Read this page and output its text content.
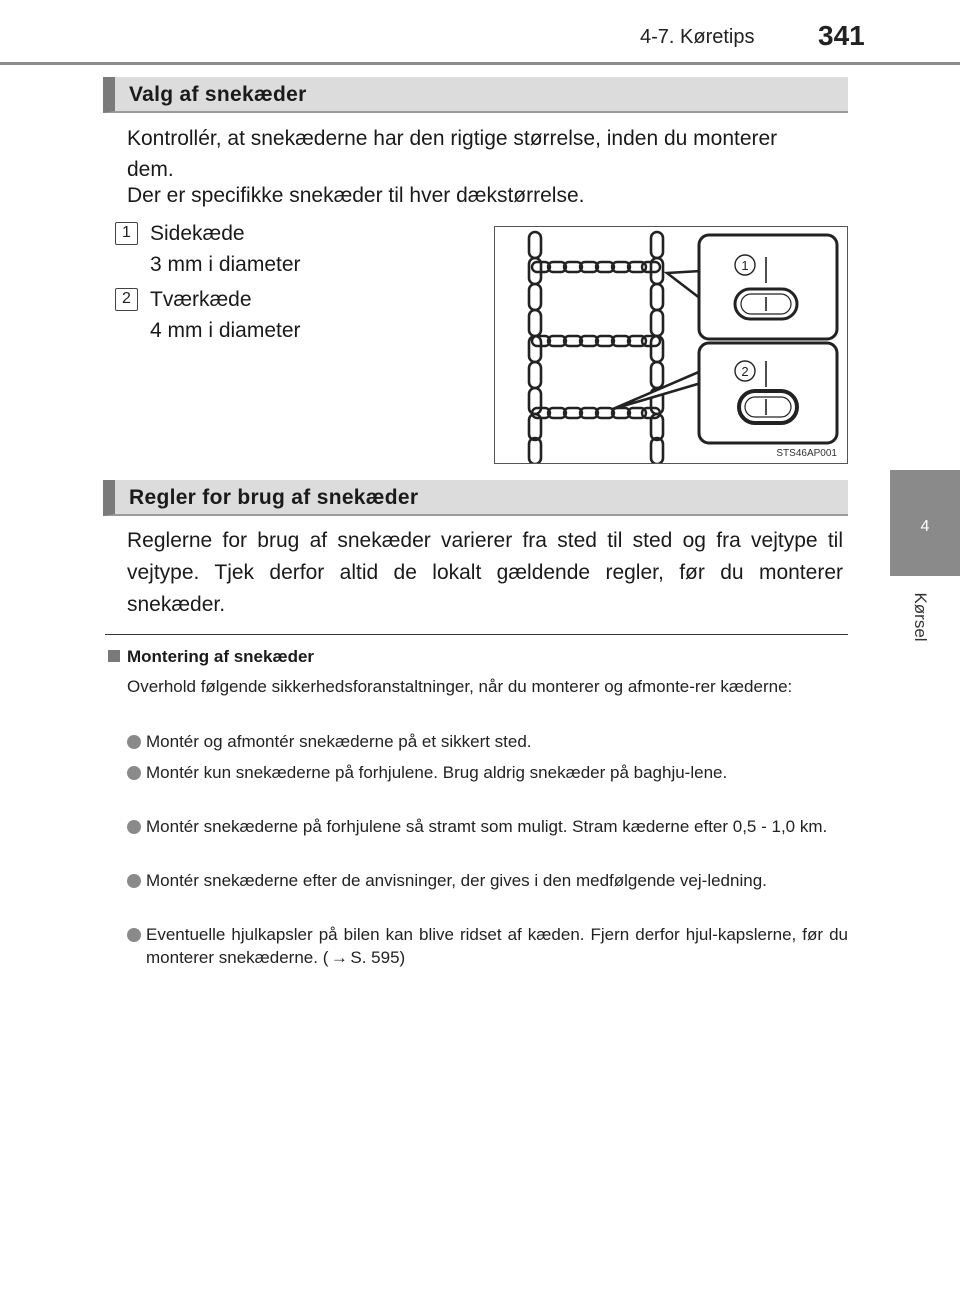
4-7. Køretips 341
4
Kørsel
Valg af snekæder
Kontrollér, at snekæderne har den rigtige størrelse, inden du monterer
dem.
Der er specifikke snekæder til hver dækstørrelse.
1 Sidekæde
3 mm i diameter
2 Tværkæde
4 mm i diameter
1
2
STS46AP001
Regler for brug af snekæder
Reglerne for brug af snekæder varierer fra sted til sted og fra vejtype til vejtype. Tjek derfor altid de lokalt gældende regler, før du monterer snekæder.
Montering af snekæder
Overhold følgende sikkerhedsforanstaltninger, når du monterer og afmonte-rer kæderne:
Montér og afmontér snekæderne på et sikkert sted.
Montér kun snekæderne på forhjulene. Brug aldrig snekæder på baghju-lene.
Montér snekæderne på forhjulene så stramt som muligt. Stram kæderne efter 0,5 - 1,0 km.
Montér snekæderne efter de anvisninger, der gives i den medfølgende vej-ledning.
Eventuelle hjulkapsler på bilen kan blive ridset af kæden. Fjern derfor hjul-kapslerne, før du monterer snekæderne. ( → S. 595)
